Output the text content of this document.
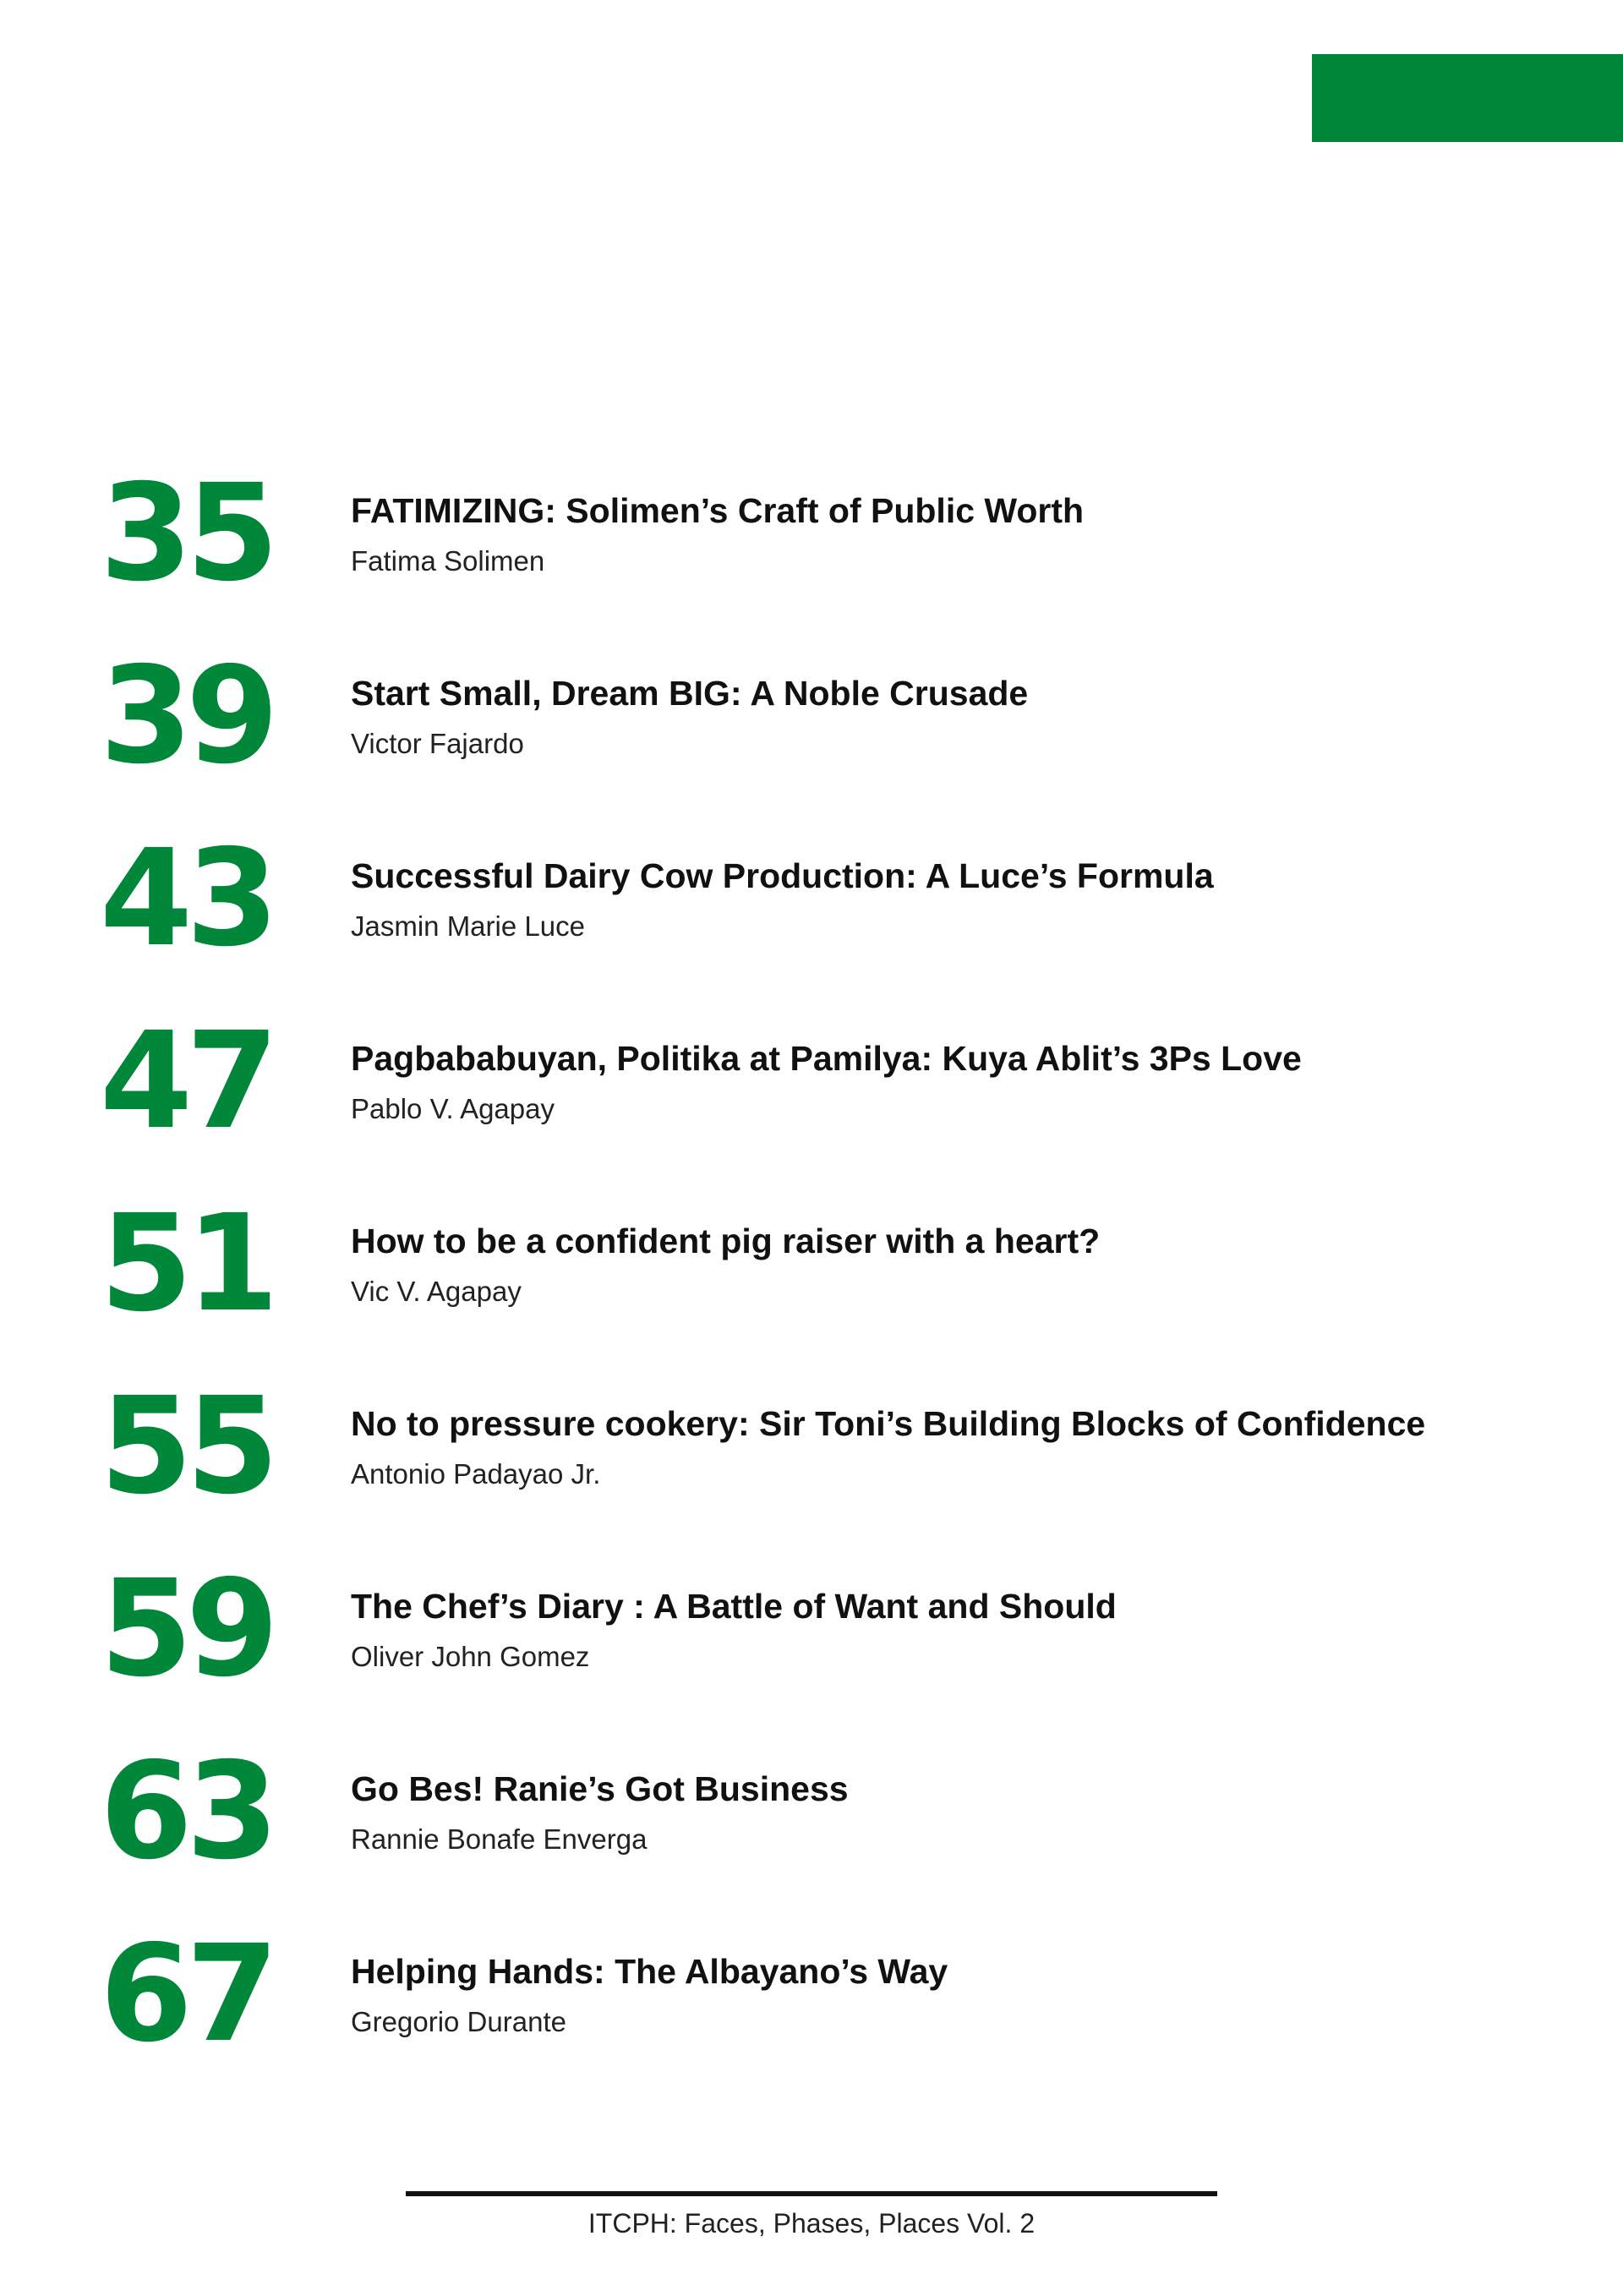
35 FATIMIZING: Solimen’s Craft of Public Worth
Fatima Solimen
39 Start Small, Dream BIG: A Noble Crusade
Victor Fajardo
43 Successful Dairy Cow Production: A Luce’s Formula
Jasmin Marie Luce
47 Pagbababuyan, Politika at Pamilya: Kuya Ablit’s 3Ps Love
Pablo V. Agapay
51 How to be a confident pig raiser with a heart?
Vic V. Agapay
55 No to pressure cookery: Sir Toni’s Building Blocks of Confidence
Antonio Padayao Jr.
59 The Chef’s Diary : A Battle of Want and Should
Oliver John Gomez
63 Go Bes! Ranie’s Got Business
Rannie Bonafe Enverga
67 Helping Hands: The Albayano’s Way
Gregorio Durante
ITCPH: Faces, Phases, Places Vol. 2
